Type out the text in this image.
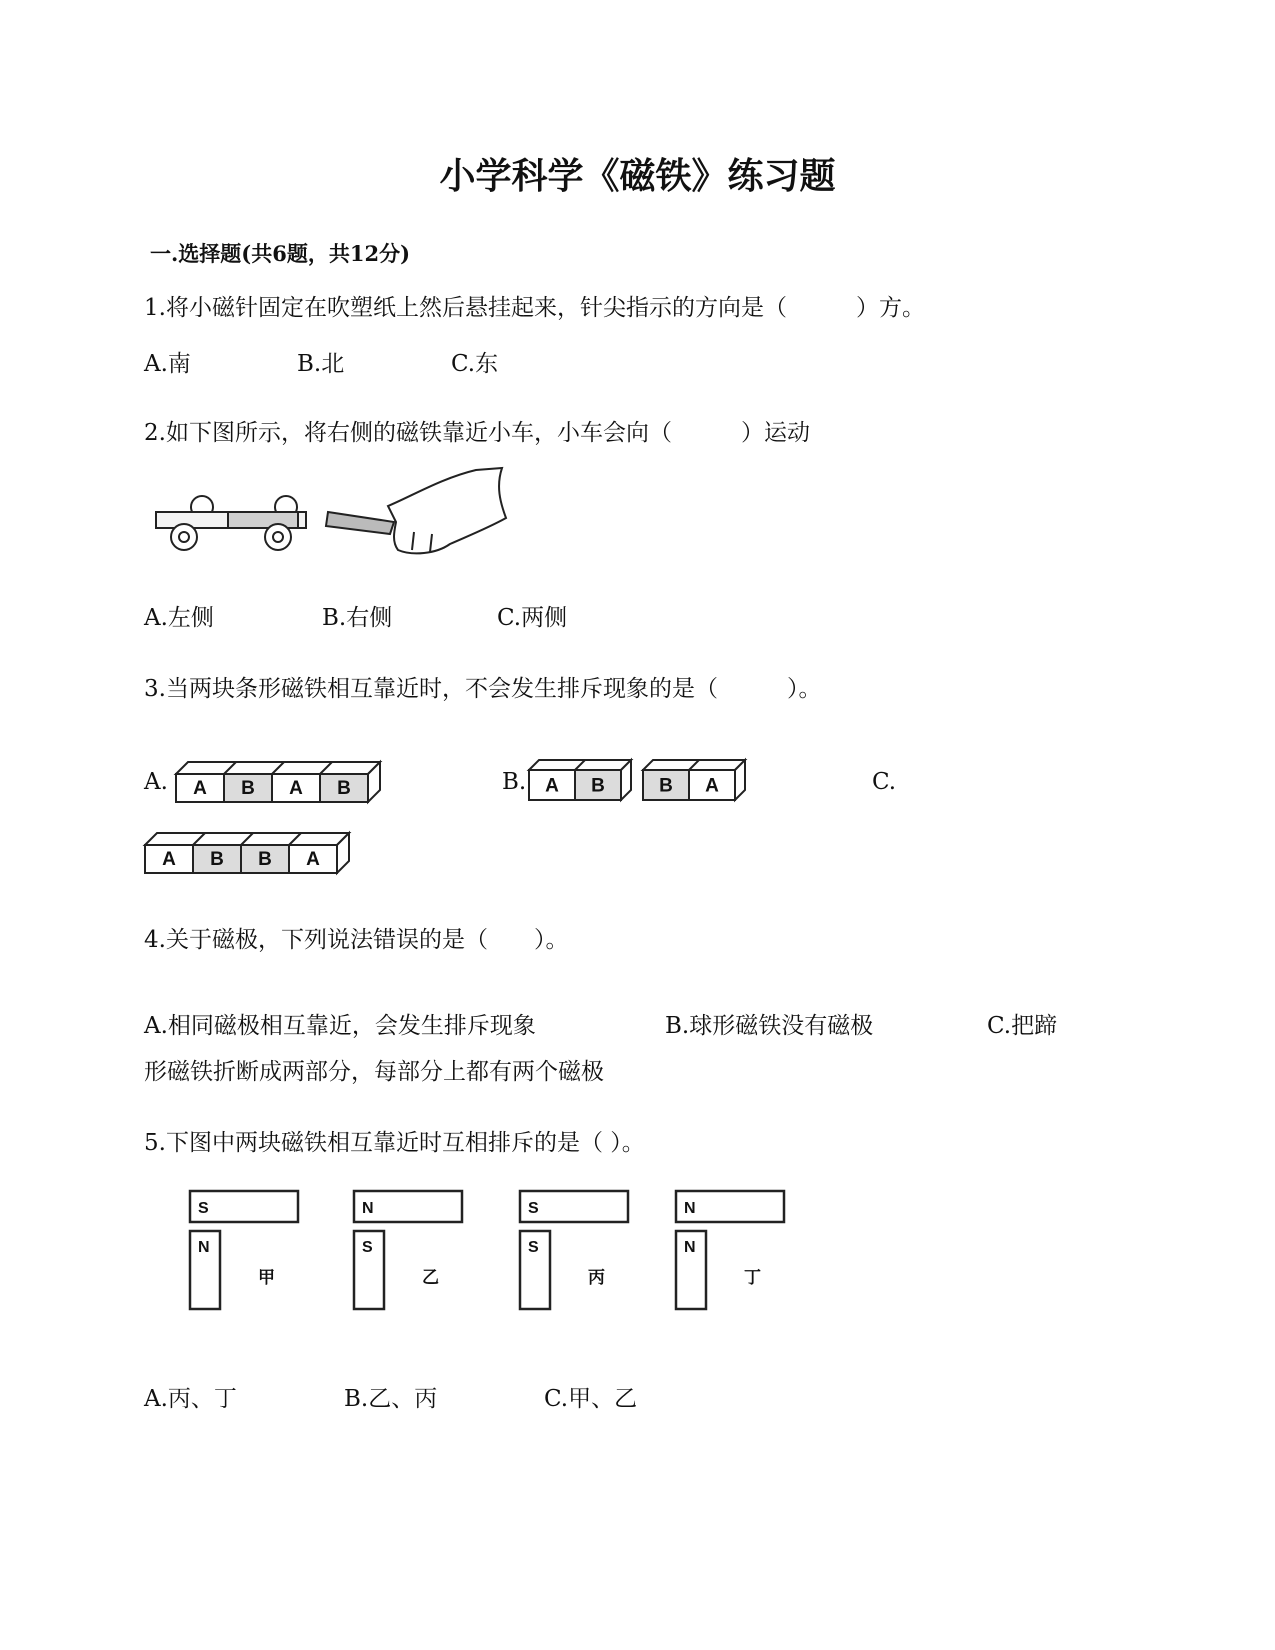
小学科学《磁铁》练习题
一.选择题(共6题，共12分)
1.将小磁针固定在吹塑纸上然后悬挂起来，针尖指示的方向是（　　　）方。
A.南	B.北	C.东
2.如下图所示，将右侧的磁铁靠近小车，小车会向（　　　）运动
A.左侧	B.右侧	C.两侧
3.当两块条形磁铁相互靠近时，不会发生排斥现象的是（　　　）。
A.	B.	C.
A B A B	A B	B A
A B B A
4.关于磁极，下列说法错误的是（　　）。
A.相同磁极相互靠近，会发生排斥现象	B.球形磁铁没有磁极	C.把蹄
形磁铁折断成两部分，每部分上都有两个磁极
5.下图中两块磁铁相互靠近时互相排斥的是（ ）。
S
N
甲
N
S
乙
S
S
丙
N
N
丁
A.丙、丁	B.乙、丙	C.甲、乙
